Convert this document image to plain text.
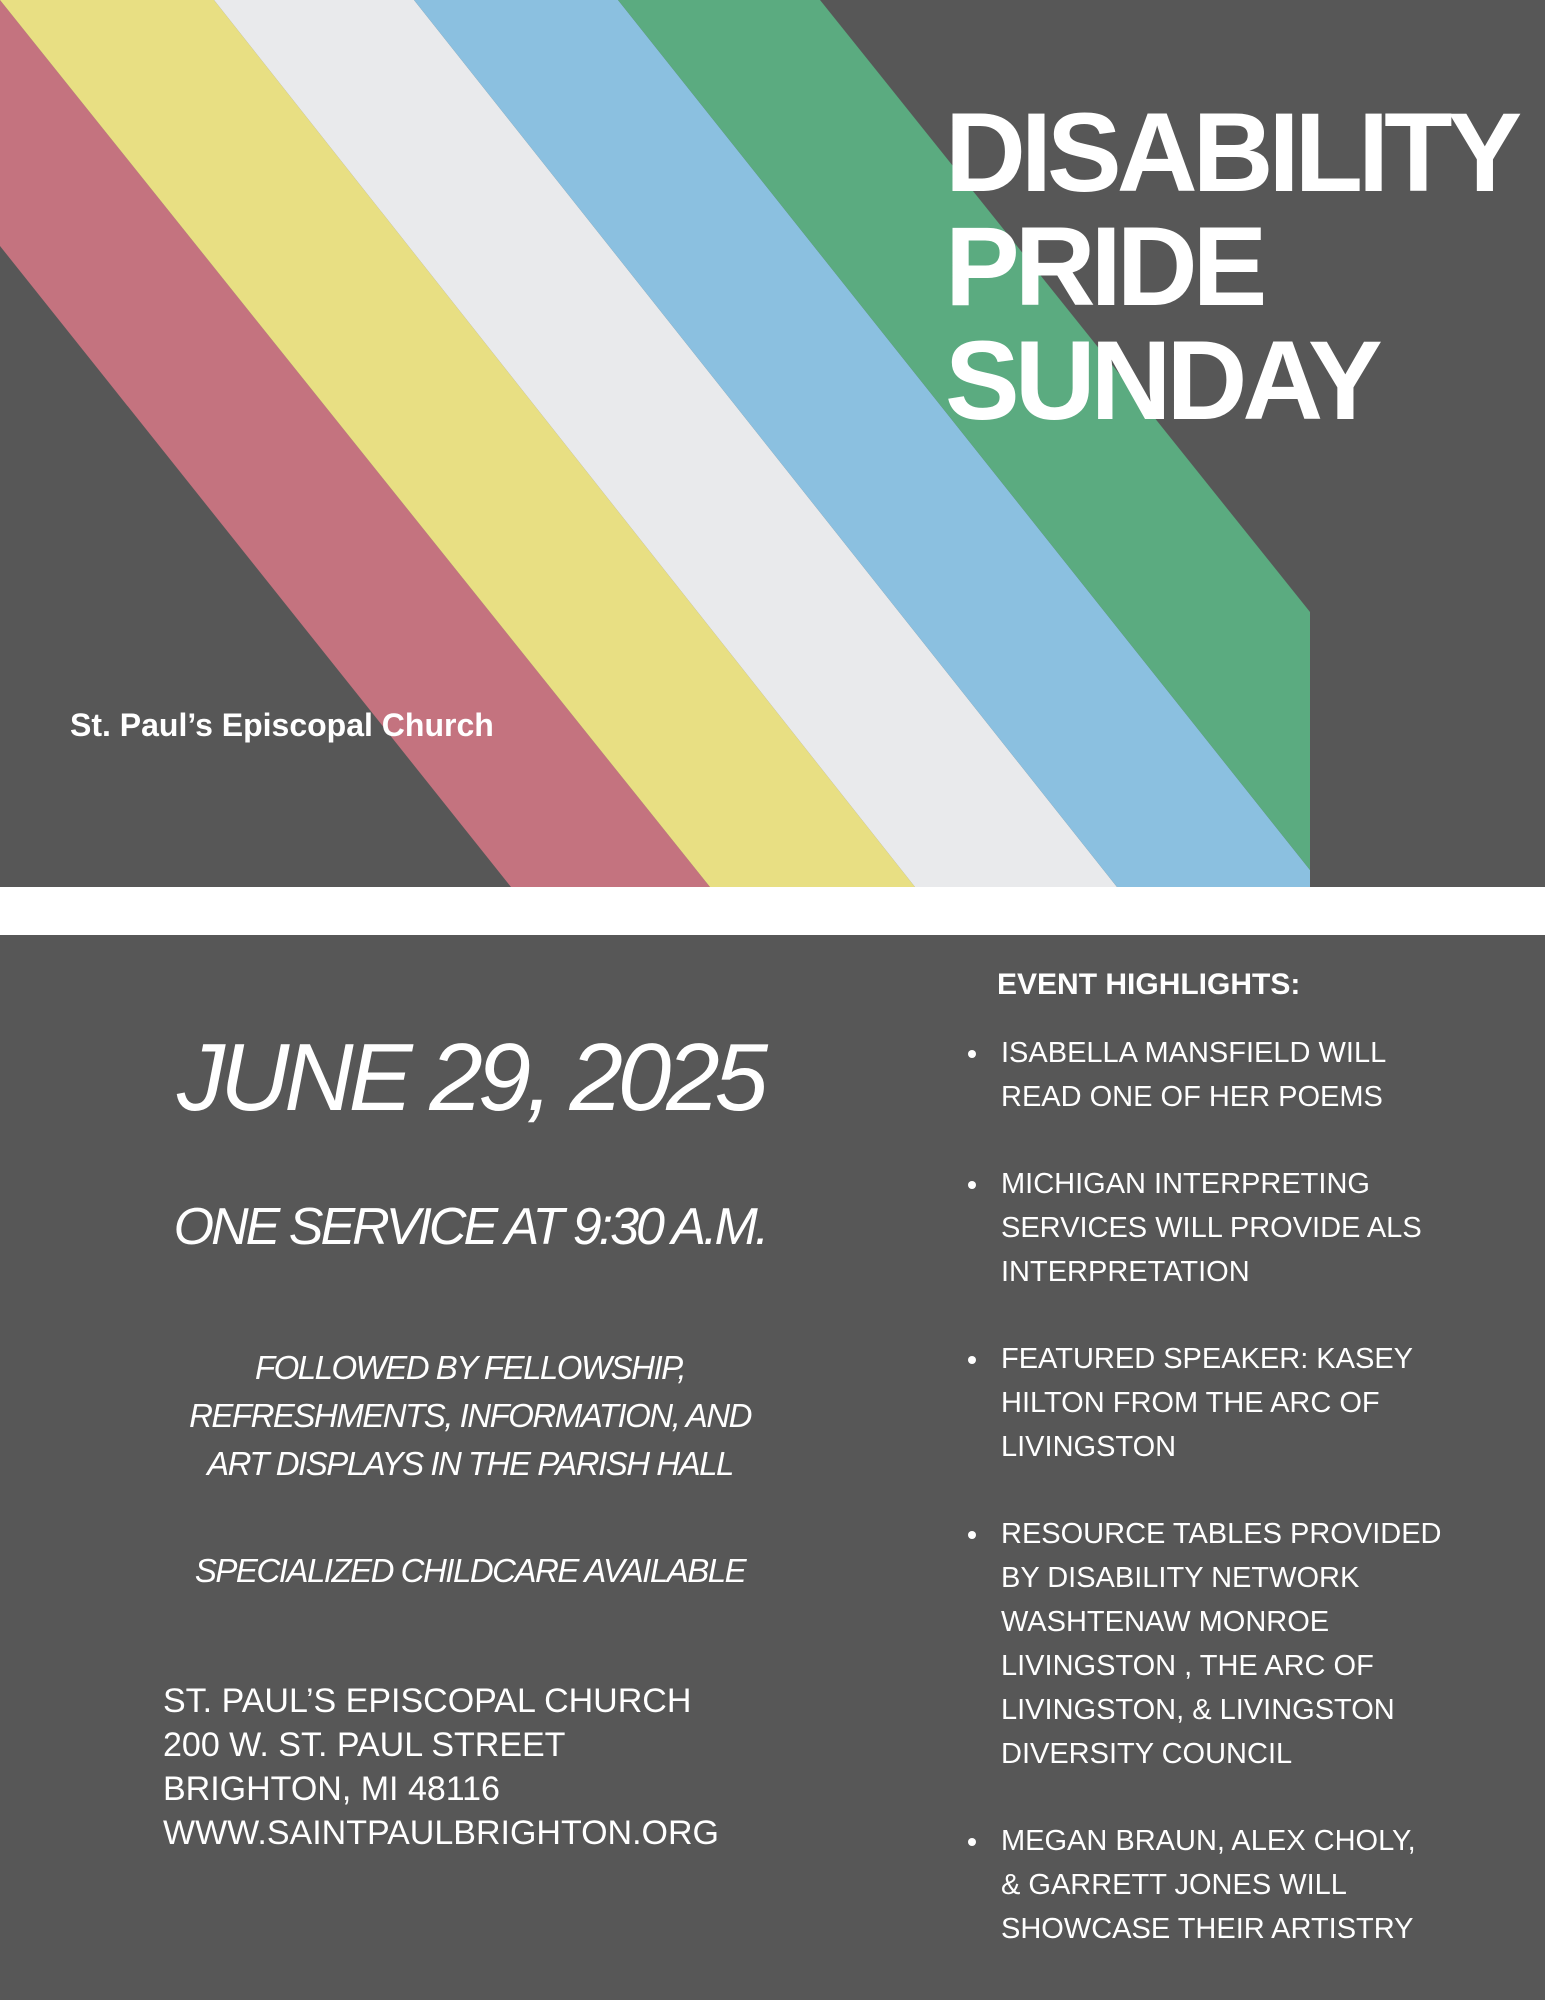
DISABILITY
PRIDE
SUNDAY
St. Paul’s Episcopal Church
JUNE 29, 2025
ONE SERVICE AT 9:30 A.M.
FOLLOWED BY FELLOWSHIP,
REFRESHMENTS, INFORMATION, AND
ART DISPLAYS IN THE PARISH HALL
SPECIALIZED CHILDCARE AVAILABLE
ST. PAUL’S EPISCOPAL CHURCH
200 W. ST. PAUL STREET
BRIGHTON, MI 48116
WWW.SAINTPAULBRIGHTON.ORG
EVENT HIGHLIGHTS:
ISABELLA MANSFIELD WILL
READ ONE OF HER POEMS
MICHIGAN INTERPRETING
SERVICES WILL PROVIDE ALS
INTERPRETATION
FEATURED SPEAKER: KASEY
HILTON FROM THE ARC OF
LIVINGSTON
RESOURCE TABLES PROVIDED
BY DISABILITY NETWORK
WASHTENAW MONROE
LIVINGSTON , THE ARC OF
LIVINGSTON, & LIVINGSTON
DIVERSITY COUNCIL
MEGAN BRAUN, ALEX CHOLY,
& GARRETT JONES WILL
SHOWCASE THEIR ARTISTRY
